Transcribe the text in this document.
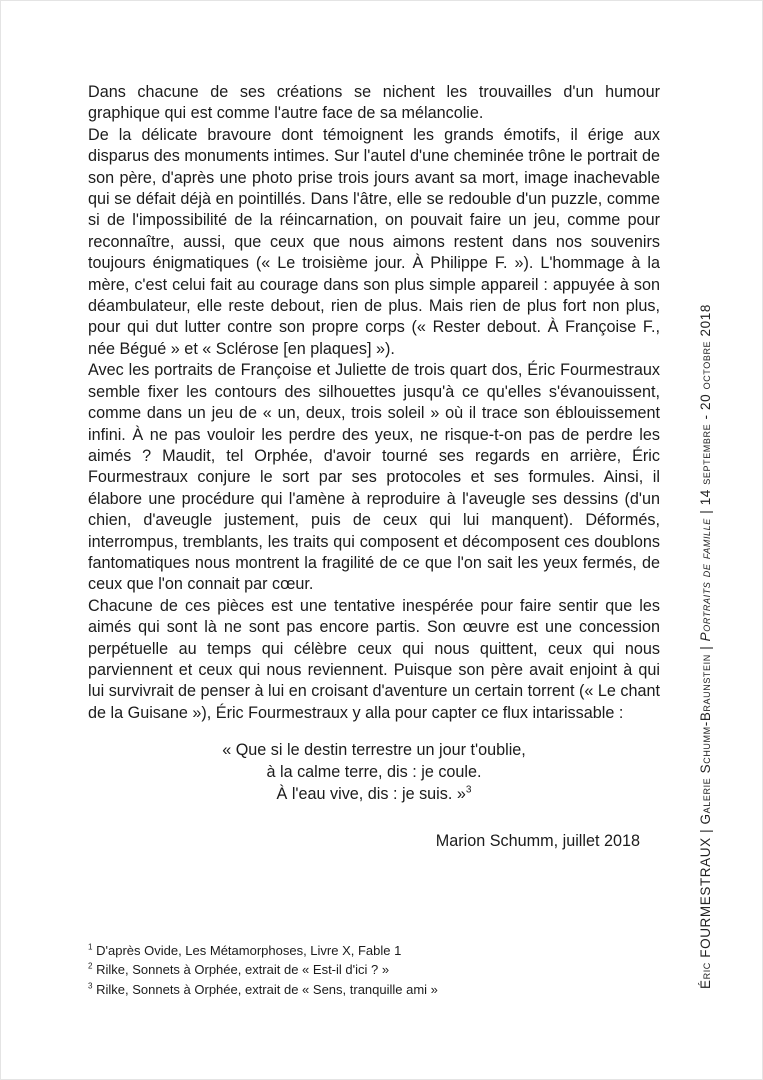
Dans chacune de ses créations se nichent les trouvailles d'un humour graphique qui est comme l'autre face de sa mélancolie.

De la délicate bravoure dont témoignent les grands émotifs, il érige aux disparus des monuments intimes. Sur l'autel d'une cheminée trône le portrait de son père, d'après une photo prise trois jours avant sa mort, image inachevable qui se défait déjà en pointillés. Dans l'âtre, elle se redouble d'un puzzle, comme si de l'impossibilité de la réincarnation, on pouvait faire un jeu, comme pour reconnaître, aussi, que ceux que nous aimons restent dans nos souvenirs toujours énigmatiques (« Le troisième jour. À Philippe F. »). L'hommage à la mère, c'est celui fait au courage dans son plus simple appareil : appuyée à son déambulateur, elle reste debout, rien de plus. Mais rien de plus fort non plus, pour qui dut lutter contre son propre corps (« Rester debout. À Françoise F., née Bégué » et « Sclérose [en plaques] »).

Avec les portraits de Françoise et Juliette de trois quart dos, Éric Fourmestraux semble fixer les contours des silhouettes jusqu'à ce qu'elles s'évanouissent, comme dans un jeu de « un, deux, trois soleil » où il trace son éblouissement infini. À ne pas vouloir les perdre des yeux, ne risque-t-on pas de perdre les aimés ? Maudit, tel Orphée, d'avoir tourné ses regards en arrière, Éric Fourmestraux conjure le sort par ses protocoles et ses formules. Ainsi, il élabore une procédure qui l'amène à reproduire à l'aveugle ses dessins (d'un chien, d'aveugle justement, puis de ceux qui lui manquent). Déformés, interrompus, tremblants, les traits qui composent et décomposent ces doublons fantomatiques nous montrent la fragilité de ce que l'on sait les yeux fermés, de ceux que l'on connait par cœur.

Chacune de ces pièces est une tentative inespérée pour faire sentir que les aimés qui sont là ne sont pas encore partis. Son œuvre est une concession perpétuelle au temps qui célèbre ceux qui nous quittent, ceux qui nous parviennent et ceux qui nous reviennent. Puisque son père avait enjoint à qui lui survivrait de penser à lui en croisant d'aventure un certain torrent (« Le chant de la Guisane »), Éric Fourmestraux y alla pour capter ce flux intarissable :

« Que si le destin terrestre un jour t'oublie,
à la calme terre, dis : je coule.
À l'eau vive, dis : je suis. »$^3$
Marion Schumm, juillet 2018
$^1$ D'après Ovide, Les Métamorphoses, Livre X, Fable 1
$^2$ Rilke, Sonnets à Orphée, extrait de « Est-il d'ici ? »
$^3$ Rilke, Sonnets à Orphée, extrait de « Sens, tranquille ami »
Éric FOURMESTRAUX | Galerie Schumm-Braunstein | Portraits de famille | 14 septembre - 20 octobre 2018
